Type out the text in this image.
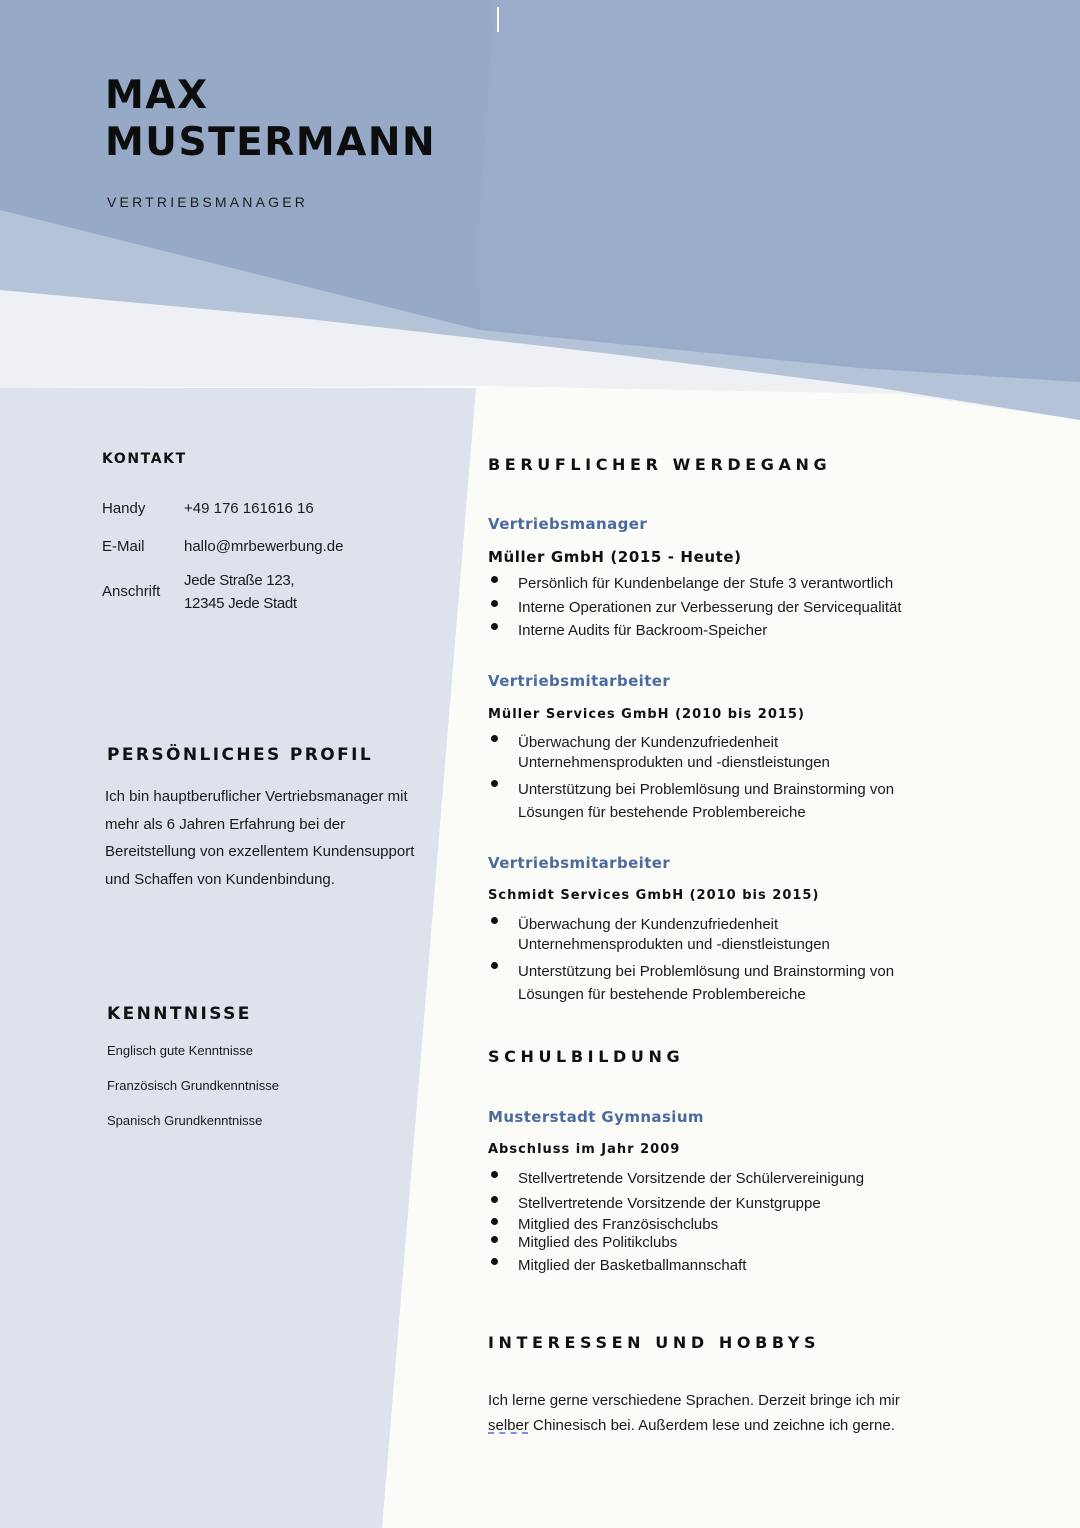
MAX
MUSTERMANN
VERTRIEBSMANAGER
KONTAKT
Handy	+49 176 161616 16
E-Mail	hallo@mrbewerbung.de
Anschrift
Jede Straße 123,
12345 Jede Stadt
PERSÖNLICHES PROFIL
Ich bin hauptberuflicher Vertriebsmanager mit mehr als 6 Jahren Erfahrung bei der Bereitstellung von exzellentem Kundensupport und Schaffen von Kundenbindung.
KENNTNISSE
Englisch gute Kenntnisse
Französisch Grundkenntnisse
Spanisch Grundkenntnisse
BERUFLICHER WERDEGANG
Vertriebsmanager
Müller GmbH (2015 - Heute)
Persönlich für Kundenbelange der Stufe 3 verantwortlich
Interne Operationen zur Verbesserung der Servicequalität
Interne Audits für Backroom-Speicher
Vertriebsmitarbeiter
Müller Services GmbH (2010 bis 2015)
Überwachung der Kundenzufriedenheit Unternehmensprodukten und -dienstleistungen
Unterstützung bei Problemlösung und Brainstorming von Lösungen für bestehende Problembereiche
Vertriebsmitarbeiter
Schmidt Services GmbH (2010 bis 2015)
Überwachung der Kundenzufriedenheit Unternehmensprodukten und -dienstleistungen
Unterstützung bei Problemlösung und Brainstorming von Lösungen für bestehende Problembereiche
SCHULBILDUNG
Musterstadt Gymnasium
Abschluss im Jahr 2009
Stellvertretende Vorsitzende der Schülervereinigung
Stellvertretende Vorsitzende der Kunstgruppe
Mitglied des Französischclubs
Mitglied des Politikclubs
Mitglied der Basketballmannschaft
INTERESSEN UND HOBBYS
Ich lerne gerne verschiedene Sprachen. Derzeit bringe ich mir
selber Chinesisch bei. Außerdem lese und zeichne ich gerne.
